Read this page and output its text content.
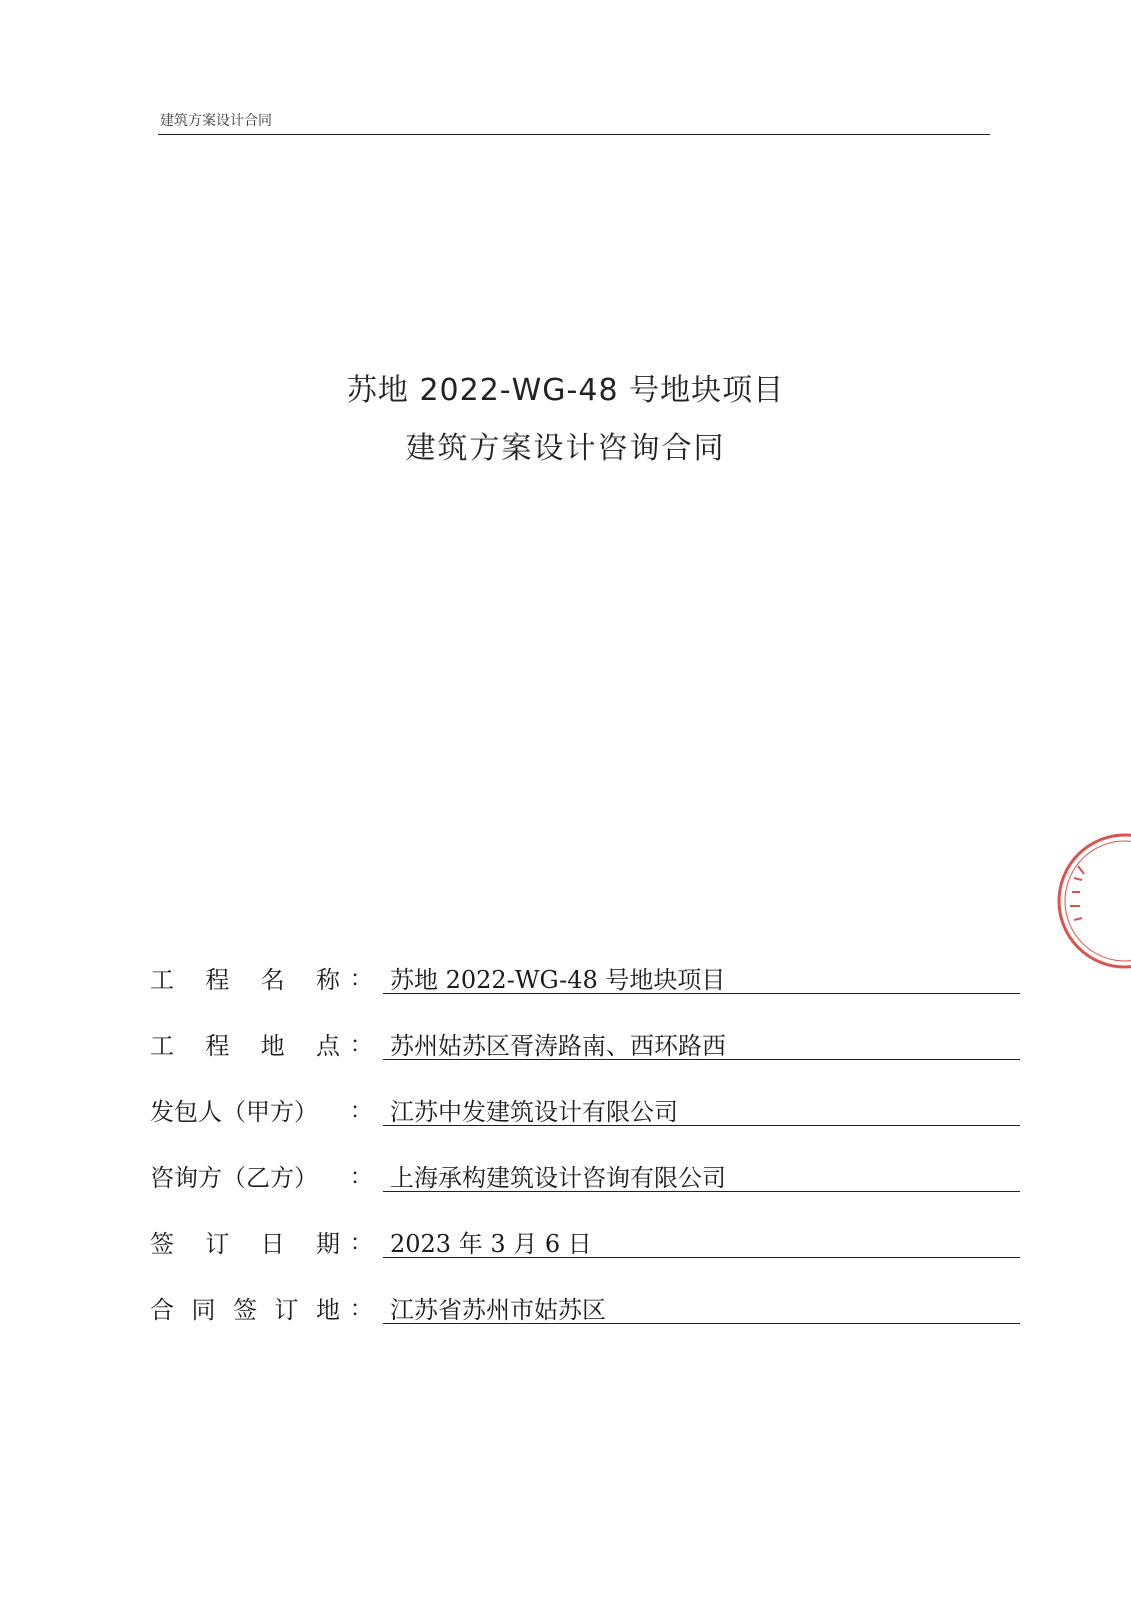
建筑方案设计合同
苏地 2022-WG-48 号地块项目
建筑方案设计咨询合同
工 程 名 称 ： 苏地 2022-WG-48 号地块项目
工 程 地 点 ： 苏州姑苏区胥涛路南、西环路西
发包人（甲方）	： 江苏中发建筑设计有限公司
咨询方（乙方）	： 上海承构建筑设计咨询有限公司
签 订 日 期 ： 2023 年 3 月 6 日
合 同 签 订 地 ： 江苏省苏州市姑苏区
